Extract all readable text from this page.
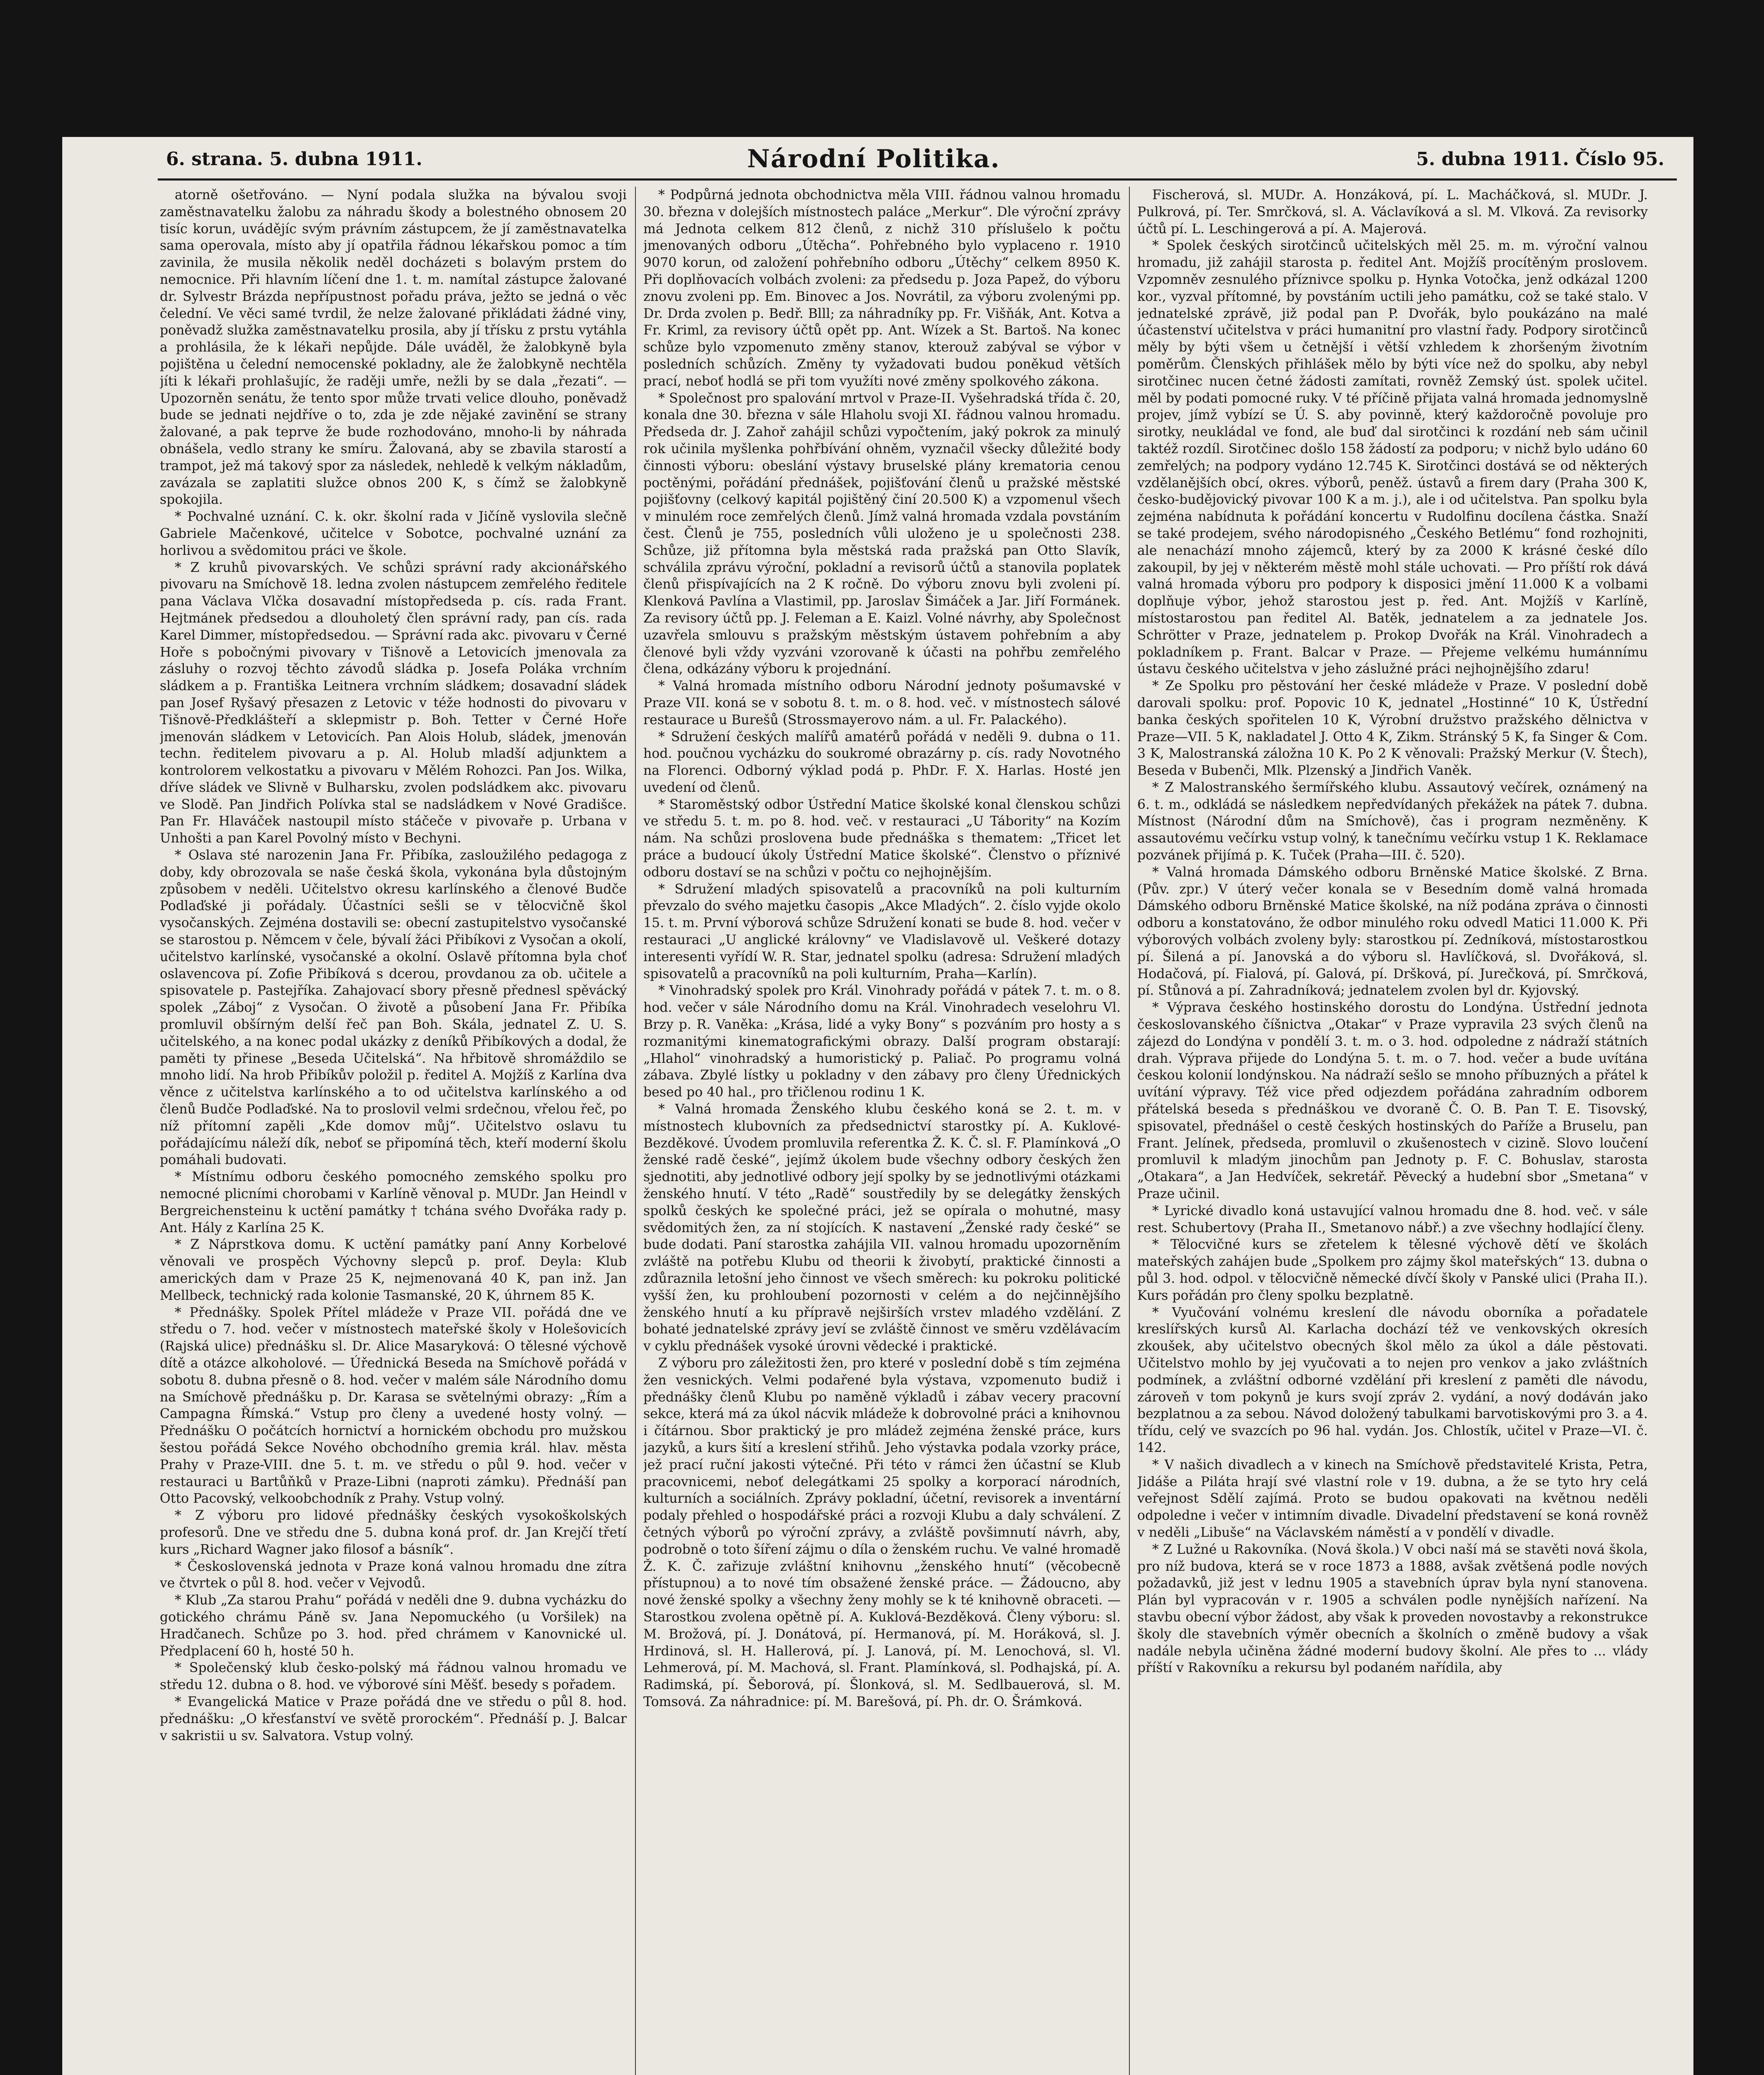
6. strana. 5. dubna 1911.	Národní Politika.	5. dubna 1911. Číslo 95.

atorně ošetřováno. — Nyní podala služka na bývalou svoji zaměstnavatelku žalobu za náhradu škody a bolestného obnosem 20 tisíc korun, uvádějíc svým právním zástupcem, že jí zaměstnavatelka sama operovala, místo aby jí opatřila řádnou lékařskou pomoc a tím zavinila, že musila několik neděl docházeti s bolavým prstem do nemocnice. Při hlavním líčení dne 1. t. m. namítal zástupce žalované dr. Sylvestr Brázda nepřípustnost pořadu práva, ježto se jedná o věc čelední. Ve věci samé tvrdil, že nelze žalované přikládati žádné viny, poněvadž služka zaměstnavatelku prosila, aby jí třísku z prstu vytáhla a prohlásila, že k lékaři nepůjde. Dále uváděl, že žalobkyně byla pojištěna u čelední nemocenské pokladny, ale že žalobkyně nechtěla jíti k lékaři prohlašujíc, že raději umře, nežli by se dala „řezati“. — Upozorněn senátu, že tento spor může trvati velice dlouho, poněvadž bude se jednati nejdříve o to, zda je zde nějaké zavinění se strany žalované, a pak teprve že bude rozhodováno, mnoho-li by náhrada obnášela, vedlo strany ke smíru. Žalovaná, aby se zbavila starostí a trampot, jež má takový spor za následek, nehledě k velkým nákladům, zavázala se zaplatiti služce obnos 200 K, s čímž se žalobkyně spokojila.

* Pochvalné uznání. C. k. okr. školní rada v Jičíně vyslovila slečně Gabriele Mačenkové, učitelce v Sobotce, pochvalné uznání za horlivou a svědomitou práci ve škole.

* Z kruhů pivovarských. Ve schůzi správní rady akcionářského pivovaru na Smíchově 18. ledna zvolen nástupcem zemřelého ředitele pana Václava Vlčka dosavadní místopředseda p. cís. rada Frant. Hejtmánek předsedou a dlouholetý člen správní rady, pan cís. rada Karel Dimmer, místopředsedou. — Správní rada akc. pivovaru v Černé Hoře s pobočnými pivovary v Tišnově a Letovicích jmenovala za zásluhy o rozvoj těchto závodů sládka p. Josefa Poláka vrchním sládkem a p. Františka Leitnera vrchním sládkem; dosavadní sládek pan Josef Ryšavý přesazen z Letovic v téže hodnosti do pivovaru v Tišnově-Předklášteří a sklepmistr p. Boh. Tetter v Černé Hoře jmenován sládkem v Letovicích. Pan Alois Holub, sládek, jmenován techn. ředitelem pivovaru a p. Al. Holub mladší adjunktem a kontrolorem velkostatku a pivovaru v Mělém Rohozci. Pan Jos. Wilka, dříve sládek ve Slivně v Bulharsku, zvolen podsládkem akc. pivovaru ve Slodě. Pan Jindřich Polívka stal se nadsládkem v Nové Gradišce. Pan Fr. Hlaváček nastoupil místo stáčeče v pivovaře p. Urbana v Unhošti a pan Karel Povolný místo v Bechyni.

* Oslava sté narozenin Jana Fr. Přibíka, zasloužilého pedagoga z doby, kdy obrozovala se naše česká škola, vykonána byla důstojným způsobem v neděli. Učitelstvo okresu karlínského a členové Budče Podlaďské ji pořádaly. Účastníci sešli se v tělocvičně škol vysočanských. Zejména dostavili se: obecní zastupitelstvo vysočanské se starostou p. Němcem v čele, bývalí žáci Přibíkovi z Vysočan a okolí, učitelstvo karlínské, vysočanské a okolní. Oslavě přítomna byla choť oslavencova pí. Zofie Přibíková s dcerou, provdanou za ob. učitele a spisovatele p. Pastejříka. Zahajovací sbory přesně přednesl spěvácký spolek „Záboj“ z Vysočan. O životě a působení Jana Fr. Přibíka promluvil obšírným delší řeč pan Boh. Skála, jednatel Z. U. S. učitelského, a na konec podal ukázky z deníků Přibíkových a dodal, že paměti ty přinese „Beseda Učitelská“. Na hřbitově shromáždilo se mnoho lidí. Na hrob Přibíkův položil p. ředitel A. Mojžíš z Karlína dva věnce z učitelstva karlínského a to od učitelstva karlínského a od členů Budče Podlaďské. Na to proslovil velmi srdečnou, vřelou řeč, po níž přítomní zapěli „Kde domov můj“. Učitelstvo oslavu tu pořádajícímu náleží dík, neboť se připomíná těch, kteří moderní školu pomáhali budovati.

* Místnímu odboru českého pomocného zemského spolku pro nemocné plicními chorobami v Karlíně věnoval p. MUDr. Jan Heindl v Bergreichensteinu k uctění památky † tchána svého Dvořáka rady p. Ant. Hály z Karlína 25 K.

* Z Náprstkova domu. K uctění památky paní Anny Korbelové věnovali ve prospěch Výchovny slepců p. prof. Deyla: Klub amerických dam v Praze 25 K, nejmenovaná 40 K, pan inž. Jan Mellbeck, technický rada kolonie Tasmanské, 20 K, úhrnem 85 K.

* Přednášky. Spolek Přítel mládeže v Praze VII. pořádá dne ve středu o 7. hod. večer v místnostech mateřské školy v Holešovicích (Rajská ulice) přednášku sl. Dr. Alice Masaryková: O tělesné výchově dítě a otázce alkoholové. — Úřednická Beseda na Smíchově pořádá v sobotu 8. dubna přesně o 8. hod. večer v malém sále Národního domu na Smíchově přednášku p. Dr. Karasa se světelnými obrazy: „Řím a Campagna Římská.“ Vstup pro členy a uvedené hosty volný. — Přednášku O počátcích hornictví a hornickém obchodu pro mužskou šestou pořádá Sekce Nového obchodního gremia král. hlav. města Prahy v Praze-VIII. dne 5. t. m. ve středu o půl 9. hod. večer v restauraci u Bartůňků v Praze-Libni (naproti zámku). Přednáší pan Otto Pacovský, velkoobchodník z Prahy. Vstup volný.

* Z výboru pro lidové přednášky českých vysokoškolských profesorů. Dne ve středu dne 5. dubna koná prof. dr. Jan Krejčí třetí kurs „Richard Wagner jako filosof a básník“.

* Československá jednota v Praze koná valnou hromadu dne zítra ve čtvrtek o půl 8. hod. večer v Vejvodů.

* Klub „Za starou Prahu“ pořádá v neděli dne 9. dubna vycházku do gotického chrámu Páně sv. Jana Nepomuckého (u Voršilek) na Hradčanech. Schůze po 3. hod. před chrámem v Kanovnické ul. Předplacení 60 h, hosté 50 h.

* Společenský klub česko-polský má řádnou valnou hromadu ve středu 12. dubna o 8. hod. ve výborové síni Měšť. besedy s pořadem.

* Evangelická Matice v Praze pořádá dne ve středu o půl 8. hod. přednášku: „O křesťanství ve světě prorockém“. Přednáší p. J. Balcar v sakristii u sv. Salvatora. Vstup volný.

* Podpůrná jednota obchodnictva měla VIII. řádnou valnou hromadu 30. března v dolejších místnostech paláce „Merkur“. Dle výroční zprávy má Jednota celkem 812 členů, z nichž 310 příslušelo k počtu jmenovaných odboru „Útěcha“. Pohřebného bylo vyplaceno r. 1910 9070 korun, od založení pohřebního odboru „Útěchy“ celkem 8950 K. Při doplňovacích volbách zvoleni: za předsedu p. Joza Papež, do výboru znovu zvoleni pp. Em. Binovec a Jos. Novrátil, za výboru zvolenými pp. Dr. Drda zvolen p. Bedř. Blll; za náhradníky pp. Fr. Višňák, Ant. Kotva a Fr. Kriml, za revisory účtů opět pp. Ant. Wízek a St. Bartoš. Na konec schůze bylo vzpomenuto změny stanov, kterouž zabýval se výbor v posledních schůzích. Změny ty vyžadovati budou poněkud větších prací, neboť hodlá se při tom využíti nové změny spolkového zákona.

* Společnost pro spalování mrtvol v Praze-II. Vyšehradská třída č. 20, konala dne 30. března v sále Hlaholu svoji XI. řádnou valnou hromadu. Předseda dr. J. Zahoř zahájil schůzi vypočtením, jaký pokrok za minulý rok učinila myšlenka pohřbívání ohněm, vyznačil všecky důležité body činnosti výboru: obeslání výstavy bruselské plány krematoria cenou poctěnými, pořádání přednášek, pojišťování členů u pražské městské pojišťovny (celkový kapitál pojištěný činí 20.500 K) a vzpomenul všech v minulém roce zemřelých členů. Jímž valná hromada vzdala povstáním čest. Členů je 755, posledních vůli uloženo je u společnosti 238. Schůze, již přítomna byla městská rada pražská pan Otto Slavík, schválila zprávu výroční, pokladní a revisorů účtů a stanovila poplatek členů přispívajících na 2 K ročně. Do výboru znovu byli zvoleni pí. Klenková Pavlína a Vlastimil, pp. Jaroslav Šimáček a Jar. Jiří Formánek. Za revisory účtů pp. J. Feleman a E. Kaizl. Volné návrhy, aby Společnost uzavřela smlouvu s pražským městským ústavem pohřebním a aby členové byli vždy vyzváni vzorovaně k účasti na pohřbu zemřelého člena, odkázány výboru k projednání.

* Valná hromada místního odboru Národní jednoty pošumavské v Praze VII. koná se v sobotu 8. t. m. o 8. hod. več. v místnostech sálové restaurace u Burešů (Strossmayerovo nám. a ul. Fr. Palackého).

* Sdružení českých malířů amatérů pořádá v neděli 9. dubna o 11. hod. poučnou vycházku do soukromé obrazárny p. cís. rady Novotného na Florenci. Odborný výklad podá p. PhDr. F. X. Harlas. Hosté jen uvedení od členů.

* Staroměstský odbor Ústřední Matice školské konal členskou schůzi ve středu 5. t. m. po 8. hod. več. v restauraci „U Tábority“ na Kozím nám. Na schůzi proslovena bude přednáška s thematem: „Třicet let práce a budoucí úkoly Ústřední Matice školské“. Členstvo o příznivé odboru dostaví se na schůzi v počtu co nejhojnějším.

* Sdružení mladých spisovatelů a pracovníků na poli kulturním převzalo do svého majetku časopis „Akce Mladých“. 2. číslo vyjde okolo 15. t. m. První výborová schůze Sdružení konati se bude 8. hod. večer v restauraci „U anglické královny“ ve Vladislavově ul. Veškeré dotazy interesenti vyřídí W. R. Star, jednatel spolku (adresa: Sdružení mladých spisovatelů a pracovníků na poli kulturním, Praha—Karlín).

* Vinohradský spolek pro Král. Vinohrady pořádá v pátek 7. t. m. o 8. hod. večer v sále Národního domu na Král. Vinohradech veselohru Vl. Brzy p. R. Vaněka: „Krása, lidé a vyky Bony“ s pozváním pro hosty a s rozmanitými kinematografickými obrazy. Další program obstarají: „Hlahol“ vinohradský a humoristický p. Paliač. Po programu volná zábava. Zbylé lístky u pokladny v den zábavy pro členy Úřednických besed po 40 hal., pro třičlenou rodinu 1 K.

* Valná hromada Ženského klubu českého koná se 2. t. m. v místnostech klubovních za předsednictví starostky pí. A. Kuklové-Bezděkové. Úvodem promluvila referentka Ž. K. Č. sl. F. Plamínková „O ženské radě české“, jejímž úkolem bude všechny odbory českých žen sjednotiti, aby jednotlivé odbory její spolky by se jednotlivými otázkami ženského hnutí. V této „Radě“ soustředily by se delegátky ženských spolků českých ke společné práci, jež se opírala o mohutné, masy svědomitých žen, za ní stojících. K nastavení „Ženské rady české“ se bude dodati. Paní starostka zahájila VII. valnou hromadu upozorněním zvláště na potřebu Klubu od theorii k živobytí, praktické činnosti a zdůraznila letošní jeho činnost ve všech směrech: ku pokroku politické vyšší žen, ku prohloubení pozornosti v celém a do nejčinnějšího ženského hnutí a ku přípravě nejširších vrstev mladého vzdělání. Z bohaté jednatelské zprávy jeví se zvláště činnost ve směru vzdělávacím v cyklu přednášek vysoké úrovni vědecké i praktické.

Z výboru pro záležitosti žen, pro které v poslední době s tím zejména žen vesnických. Velmi podařené byla výstava, vzpomenuto budiž i přednášky členů Klubu po naměně výkladů i zábav vecery pracovní sekce, která má za úkol nácvik mládeže k dobrovolné práci a knihovnou i čítárnou. Sbor praktický je pro mládež zejména ženské práce, kurs jazyků, a kurs šití a kreslení střihů. Jeho výstavka podala vzorky práce, jež prací ruční jakosti výtečné. Při této v rámci žen účastní se Klub pracovnicemi, neboť delegátkami 25 spolky a korporací národních, kulturních a sociálních. Zprávy pokladní, účetní, revisorek a inventární podaly přehled o hospodářské práci a rozvoji Klubu a daly schválení. Z četných výborů po výroční zprávy, a zvláště povšimnutí návrh, aby, podrobně o toto šíření zájmu o díla o ženském ruchu. Ve valné hromadě Ž. K. Č. zařizuje zvláštní knihovnu „ženského hnutí“ (věcobecně přístupnou) a to nové tím obsažené ženské práce. — Žádoucno, aby nové ženské spolky a všechny ženy mohly se k té knihovně obraceti. — Starostkou zvolena opětně pí. A. Kuklová-Bezděková. Členy výboru: sl. M. Brožová, pí. J. Donátová, pí. Hermanová, pí. M. Horáková, sl. J. Hrdinová, sl. H. Hallerová, pí. J. Lanová, pí. M. Lenochová, sl. Vl. Lehmerová, pí. M. Machová, sl. Frant. Plamínková, sl. Podhajská, pí. A. Radimská, pí. Šeborová, pí. Šlonková, sl. M. Sedlbauerová, sl. M. Tomsová. Za náhradnice: pí. M. Barešová, pí. Ph. dr. O. Šrámková.

Fischerová, sl. MUDr. A. Honzáková, pí. L. Macháčková, sl. MUDr. J. Pulkrová, pí. Ter. Smrčková, sl. A. Václavíková a sl. M. Vlková. Za revisorky účtů pí. L. Leschingerová a pí. A. Majerová.

* Spolek českých sirotčinců učitelských měl 25. m. m. výroční valnou hromadu, již zahájil starosta p. ředitel Ant. Mojžíš procítěným proslovem. Vzpomněv zesnulého příznivce spolku p. Hynka Votočka, jenž odkázal 1200 kor., vyzval přítomné, by povstáním uctili jeho památku, což se také stalo. V jednatelské zprávě, již podal pan P. Dvořák, bylo poukázáno na malé účastenství učitelstva v práci humanitní pro vlastní řady. Podpory sirotčinců měly by býti všem u četnější i větší vzhledem k zhoršeným životním poměrům. Členských přihlášek mělo by býti více než do spolku, aby nebyl sirotčinec nucen četné žádosti zamítati, rovněž Zemský úst. spolek učitel. měl by podati pomocné ruky. V té příčině přijata valná hromada jednomyslně projev, jímž vybízí se Ú. S. aby povinně, který každoročně povoluje pro sirotky, neukládal ve fond, ale buď dal sirotčinci k rozdání neb sám učinil taktéž rozdíl. Sirotčinec došlo 158 žádostí za podporu; v nichž bylo udáno 60 zemřelých; na podpory vydáno 12.745 K. Sirotčinci dostává se od některých vzdělanějších obcí, okres. výborů, peněž. ústavů a firem dary (Praha 300 K, česko-budějovický pivovar 100 K a m. j.), ale i od učitelstva. Pan spolku byla zejména nabídnuta k pořádání koncertu v Rudolfinu docílena částka. Snaží se také prodejem, svého národopisného „Českého Betlému“ fond rozhojniti, ale nenachází mnoho zájemců, který by za 2000 K krásné české dílo zakoupil, by jej v některém městě mohl stále uchovati. — Pro příští rok dává valná hromada výboru pro podpory k disposici jmění 11.000 K a volbami doplňuje výbor, jehož starostou jest p. řed. Ant. Mojžíš v Karlíně, místostarostou pan ředitel Al. Batěk, jednatelem a za jednatele Jos. Schrötter v Praze, jednatelem p. Prokop Dvořák na Král. Vinohradech a pokladníkem p. Frant. Balcar v Praze. — Přejeme velkému humánnímu ústavu českého učitelstva v jeho záslužné práci nejhojnějšího zdaru!

* Ze Spolku pro pěstování her české mládeže v Praze. V poslední době darovali spolku: prof. Popovic 10 K, jednatel „Hostinné“ 10 K, Ústřední banka českých spořitelen 10 K, Výrobní družstvo pražského dělnictva v Praze—VII. 5 K, nakladatel J. Otto 4 K, Zikm. Stránský 5 K, fa Singer & Com. 3 K, Malostranská záložna 10 K. Po 2 K věnovali: Pražský Merkur (V. Štech), Beseda v Bubenči, Mlk. Plzenský a Jindřich Vaněk.

* Z Malostranského šermířského klubu. Assautový večírek, oznámený na 6. t. m., odkládá se následkem nepředvídaných překážek na pátek 7. dubna. Místnost (Národní dům na Smíchově), čas i program nezměněny. K assautovému večírku vstup volný, k tanečnímu večírku vstup 1 K. Reklamace pozvánek přijímá p. K. Tuček (Praha—III. č. 520).

* Valná hromada Dámského odboru Brněnské Matice školské. Z Brna. (Pův. zpr.) V úterý večer konala se v Besedním domě valná hromada Dámského odboru Brněnské Matice školské, na níž podána zpráva o činnosti odboru a konstatováno, že odbor minulého roku odvedl Matici 11.000 K. Při výborových volbách zvoleny byly: starostkou pí. Zedníková, místostarostkou pí. Šilená a pí. Janovská a do výboru sl. Havlíčková, sl. Dvořáková, sl. Hodačová, pí. Fialová, pí. Galová, pí. Dršková, pí. Jurečková, pí. Smrčková, pí. Stůnová a pí. Zahradníková; jednatelem zvolen byl dr. Kyjovský.

* Výprava českého hostinského dorostu do Londýna. Ústřední jednota českoslovanského číšnictva „Otakar“ v Praze vypravila 23 svých členů na zájezd do Londýna v pondělí 3. t. m. o 3. hod. odpoledne z nádraží státních drah. Výprava přijede do Londýna 5. t. m. o 7. hod. večer a bude uvítána českou kolonií londýnskou. Na nádraží sešlo se mnoho příbuzných a přátel k uvítání výpravy. Též vice před odjezdem pořádána zahradním odborem přátelská beseda s přednáškou ve dvoraně Č. O. B. Pan T. E. Tisovský, spisovatel, přednášel o cestě českých hostinských do Paříže a Bruselu, pan Frant. Jelínek, předseda, promluvil o zkušenostech v cizině. Slovo loučení promluvil k mladým jinochům pan Jednoty p. F. C. Bohuslav, starosta „Otakara“, a Jan Hedvíček, sekretář. Pěvecký a hudební sbor „Smetana“ v Praze učinil.

* Lyrické divadlo koná ustavující valnou hromadu dne 8. hod. več. v sále rest. Schubertovy (Praha II., Smetanovo nábř.) a zve všechny hodlající členy.

* Tělocvičné kurs se zřetelem k tělesné výchově dětí ve školách mateřských zahájen bude „Spolkem pro zájmy škol mateřských“ 13. dubna o půl 3. hod. odpol. v tělocvičně německé dívčí školy v Panské ulici (Praha II.). Kurs pořádán pro členy spolku bezplatně.

* Vyučování volnému kreslení dle návodu oborníka a pořadatele kreslířských kursů Al. Karlacha dochází též ve venkovských okresích zkoušek, aby učitelstvo obecných škol mělo za úkol a dále pěstovati. Učitelstvo mohlo by jej vyučovati a to nejen pro venkov a jako zvláštních podmínek, a zvláštní odborné vzdělání při kreslení z paměti dle návodu, zároveň v tom pokynů je kurs svojí zpráv 2. vydání, a nový dodáván jako bezplatnou a za sebou. Návod doložený tabulkami barvotiskovými pro 3. a 4. třídu, celý ve svazcích po 96 hal. vydán. Jos. Chlostík, učitel v Praze—VI. č. 142.

* V našich divadlech a v kinech na Smíchově představitelé Krista, Petra, Jidáše a Piláta hrají své vlastní role v 19. dubna, a že se tyto hry celá veřejnost Sdělí zajímá. Proto se budou opakovati na květnou neděli odpoledne i večer v intimním divadle. Divadelní představení se koná rovněž v neděli „Libuše“ na Václavském náměstí a v pondělí v divadle.

* Z Lužné u Rakovníka. (Nová škola.) V obci naší má se stavěti nová škola, pro níž budova, která se v roce 1873 a 1888, avšak zvětšená podle nových požadavků, již jest v lednu 1905 a stavebních úprav byla nyní stanovena. Plán byl vypracován v r. 1905 a schválen podle nynějších nařízení. Na stavbu obecní výbor žádost, aby však k proveden novostavby a rekonstrukce školy dle stavebních výměr obecních a školních o změně budovy a však nadále nebyla učiněna žádné moderní budovy školní. Ale přes to ... vlády příští v Rakovníku a rekursu byl podaném nařídila, aby
